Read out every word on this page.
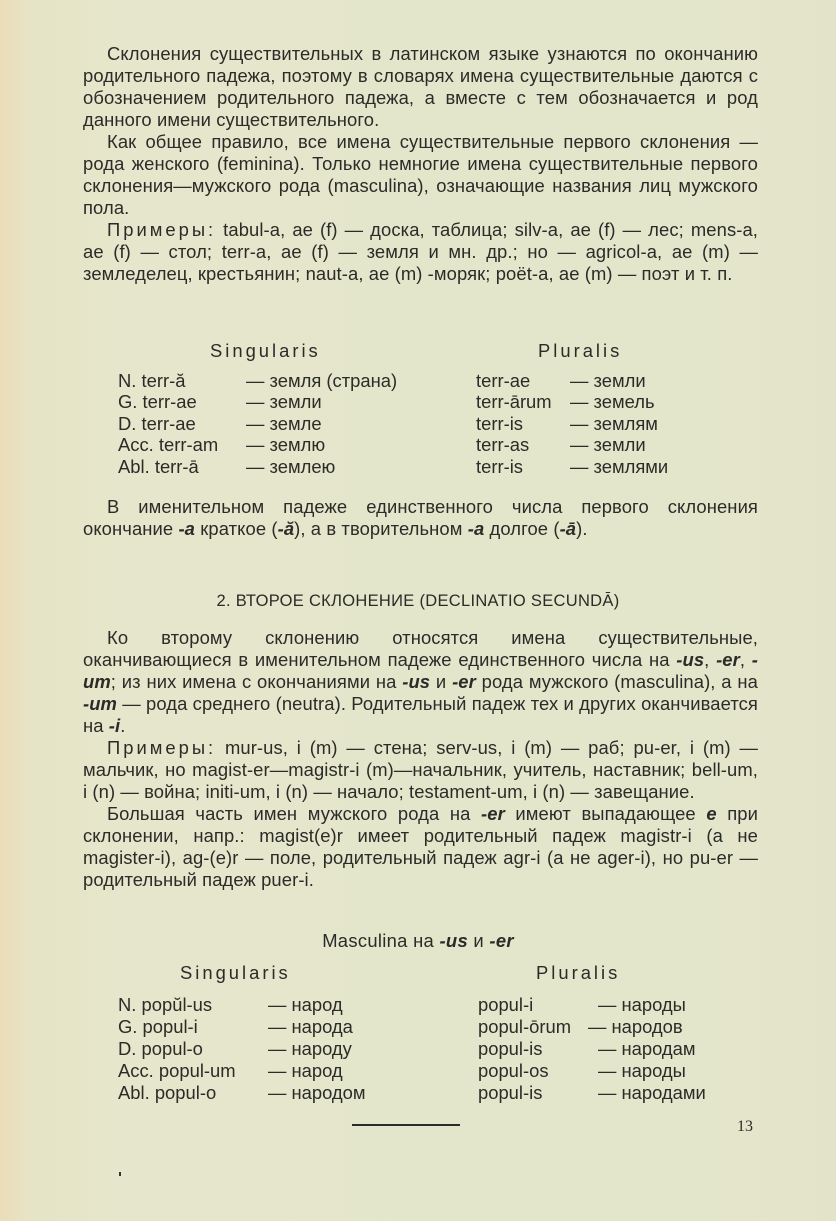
Склонения существительных в латинском языке узнаются по окончанию родительного падежа, поэтому в словарях имена существительные даются с обозначением родительного падежа, а вместе с тем обозначается и род данного имени существительного.

Как общее правило, все имена существительные первого склонения — рода женского (feminina). Только немногие имена существительные первого склонения—мужского рода (masculina), означающие названия лиц мужского пола.

Примеры: tabul-a, ae (f) — доска, таблица; silv-a, ae (f) — лес; mens-a, ae (f) — стол; terr-a, ae (f) — земля и мн. др.; но — agricol-a, ae (m) — земледелец, крестьянин; naut-a, ae (m) -моряк; poёt-a, ae (m) — поэт и т. п.

Singularis	Pluralis
N. terr-ă	— земля (страна)	terr-ae — земли
G. terr-ae	— земли	terr-ārum — земель
D. terr-ae	— земле	terr-is	— землям
Acc. terr-am — землю	terr-as — земли
Abl. terr-ā	— землею	terr-is	— землями

В именительном падеже единственного числа первого склонения окончание -a краткое (-ă), а в творительном -a долгое (-ā).

2. ВТОРОЕ СКЛОНЕНИЕ (DECLINATIO SECUNDĀ)

Ко второму склонению относятся имена существительные, оканчивающиеся в именительном падеже единственного числа на -us, -er, -um; из них имена с окончаниями на -us и -er рода мужского (masculina), а на -um — рода среднего (neutra). Родительный падеж тех и других оканчивается на -i.

Примеры: mur-us, i (m) — стена; serv-us, i (m) — раб; pu-er, i (m) — мальчик, но magist-er—magistr-i (m)—начальник, учитель, наставник; bell-um, i (n) — война; initi-um, i (n) — начало; testament-um, i (n) — завещание.

Большая часть имен мужского рода на -er имеют выпадающее e при склонении, напр.: magist(e)r имеет родительный падеж magistr-i (а не magister-i), ag-(e)r — поле, родительный падеж agr-i (а не ager-i), но pu-er — родительный падеж puer-i.

Masculina на -us и -er
Singularis	Pluralis
N. popŭl-us	— народ	popul-i	— народы
G. popul-i	— народа	popul-ōrum — народов
D. popul-o	— народу	popul-is	— народам
Acc. popul-um — народ	popul-os	— народы
Abl. popul-o	— народом	popul-is	— народами
13
